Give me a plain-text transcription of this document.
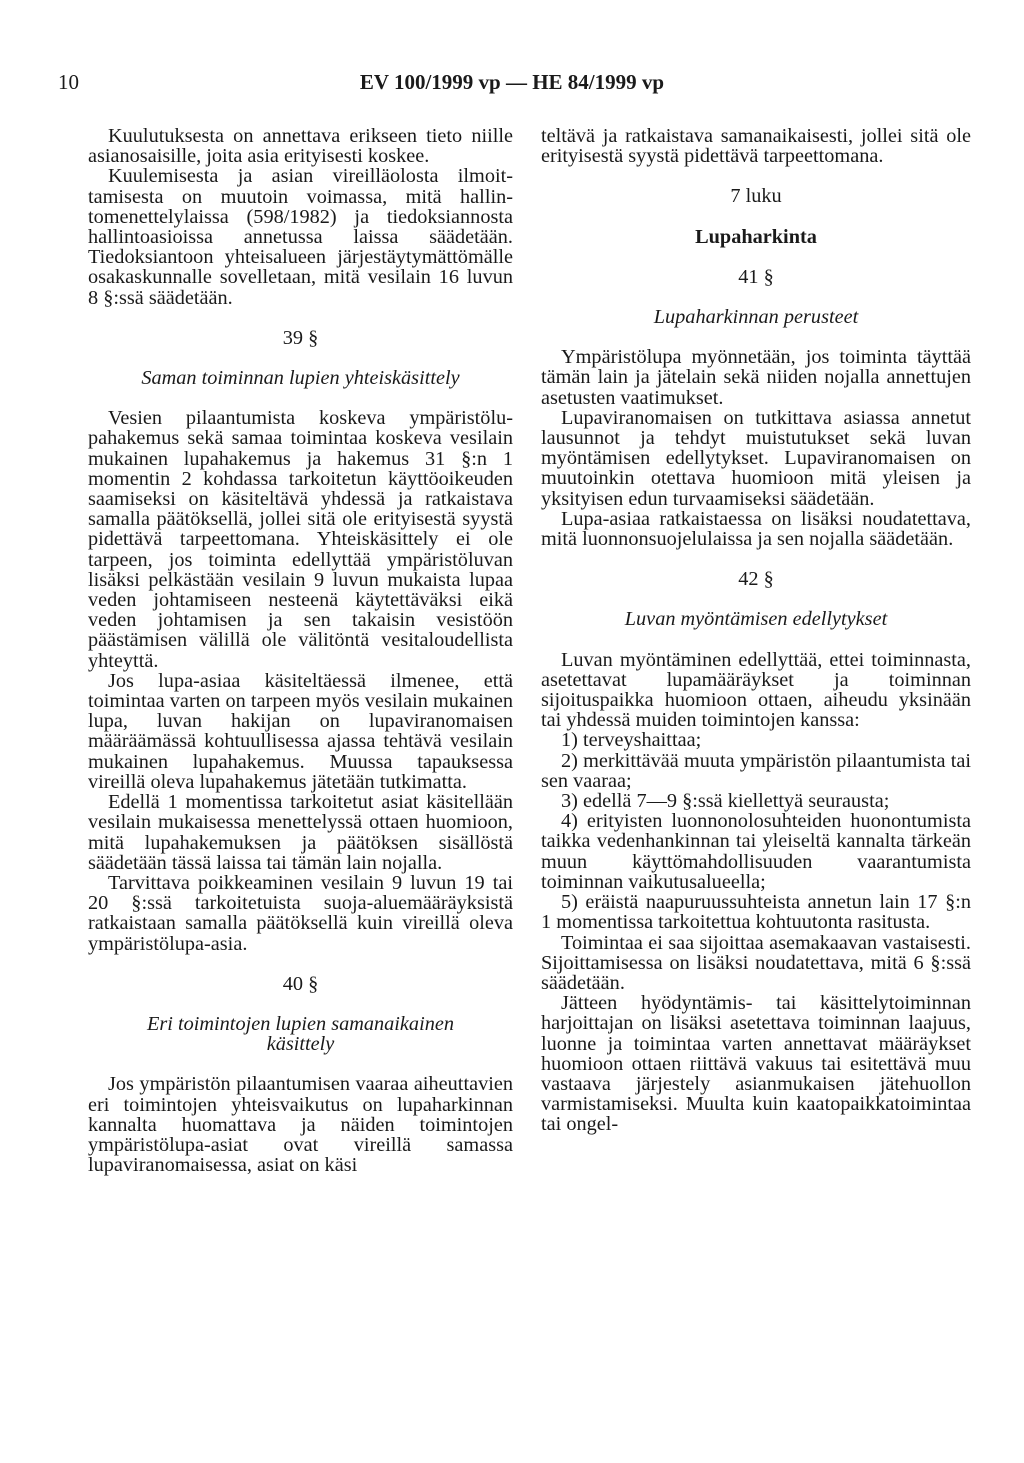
10	EV 100/1999 vp — HE 84/1999 vp

Kuulutuksesta on annettava erikseen tieto niille asianosaisille, joita asia erityisesti koskee.

Kuulemisesta ja asian vireilläolosta ilmoittamisesta on muutoin voimassa, mitä hallintomenettelylaissa (598/1982) ja tiedoksiannosta hallintoasioissa annetussa laissa säädetään. Tiedoksiantoon yhteisalueen järjestäytymättömälle osakaskunnalle sovelletaan, mitä vesilain 16 luvun 8 §:ssä säädetään.

39 §

Saman toiminnan lupien yhteiskäsittely

Vesien pilaantumista koskeva ympäristölupahakemus sekä samaa toimintaa koskeva vesilain mukainen lupahakemus ja hakemus 31 §:n 1 momentin 2 kohdassa tarkoitetun käyttöoikeuden saamiseksi on käsiteltävä yhdessä ja ratkaistava samalla päätöksellä, jollei sitä ole erityisestä syystä pidettävä tarpeettomana. Yhteiskäsittely ei ole tarpeen, jos toiminta edellyttää ympäristöluvan lisäksi pelkästään vesilain 9 luvun mukaista lupaa veden johtamiseen nesteenä käytettäväksi eikä veden johtamisen ja sen takaisin vesistöön päästämisen välillä ole välitöntä vesitaloudellista yhteyttä.

Jos lupa-asiaa käsiteltäessä ilmenee, että toimintaa varten on tarpeen myös vesilain mukainen lupa, luvan hakijan on lupaviranomaisen määräämässä kohtuullisessa ajassa tehtävä vesilain mukainen lupahakemus. Muussa tapauksessa vireillä oleva lupahakemus jätetään tutkimatta.

Edellä 1 momentissa tarkoitetut asiat käsitellään vesilain mukaisessa menettelyssä ottaen huomioon, mitä lupahakemuksen ja päätöksen sisällöstä säädetään tässä laissa tai tämän lain nojalla.

Tarvittava poikkeaminen vesilain 9 luvun 19 tai 20 §:ssä tarkoitetuista suoja-aluemääräyksistä ratkaistaan samalla päätöksellä kuin vireillä oleva ympäristölupa-asia.

40 §

Eri toimintojen lupien samanaikainen käsittely

Jos ympäristön pilaantumisen vaaraa aiheuttavien eri toimintojen yhteisvaikutus on lupaharkinnan kannalta huomattava ja näiden toimintojen ympäristölupa-asiat ovat vireillä samassa lupaviranomaisessa, asiat on käsi

teltävä ja ratkaistava samanaikaisesti, jollei sitä ole erityisestä syystä pidettävä tarpeettomana.

7 luku

Lupaharkinta

41 §

Lupaharkinnan perusteet

Ympäristölupa myönnetään, jos toiminta täyttää tämän lain ja jätelain sekä niiden nojalla annettujen asetusten vaatimukset.

Lupaviranomaisen on tutkittava asiassa annetut lausunnot ja tehdyt muistutukset sekä luvan myöntämisen edellytykset. Lupaviranomaisen on muutoinkin otettava huomioon mitä yleisen ja yksityisen edun turvaamiseksi säädetään.

Lupa-asiaa ratkaistaessa on lisäksi noudatettava, mitä luonnonsuojelulaissa ja sen nojalla säädetään.

42 §

Luvan myöntämisen edellytykset

Luvan myöntäminen edellyttää, ettei toiminnasta, asetettavat lupamääräykset ja toiminnan sijoituspaikka huomioon ottaen, aiheudu yksinään tai yhdessä muiden toimintojen kanssa:

1) terveyshaittaa;

2) merkittävää muuta ympäristön pilaantumista tai sen vaaraa;

3) edellä 7—9 §:ssä kiellettyä seurausta;

4) erityisten luonnonolosuhteiden huonontumista taikka vedenhankinnan tai yleiseltä kannalta tärkeän muun käyttömahdollisuuden vaarantumista toiminnan vaikutusalueella;

5) eräistä naapuruussuhteista annetun lain 17 §:n 1 momentissa tarkoitettua kohtuutonta rasitusta.

Toimintaa ei saa sijoittaa asemakaavan vastaisesti. Sijoittamisessa on lisäksi noudatettava, mitä 6 §:ssä säädetään.

Jätteen hyödyntämis- tai käsittelytoiminnan harjoittajan on lisäksi asetettava toiminnan laajuus, luonne ja toimintaa varten annettavat määräykset huomioon ottaen riittävä vakuus tai esitettävä muu vastaava järjestely asianmukaisen jätehuollon varmistamiseksi. Muulta kuin kaatopaikkatoimintaa tai ongel-
